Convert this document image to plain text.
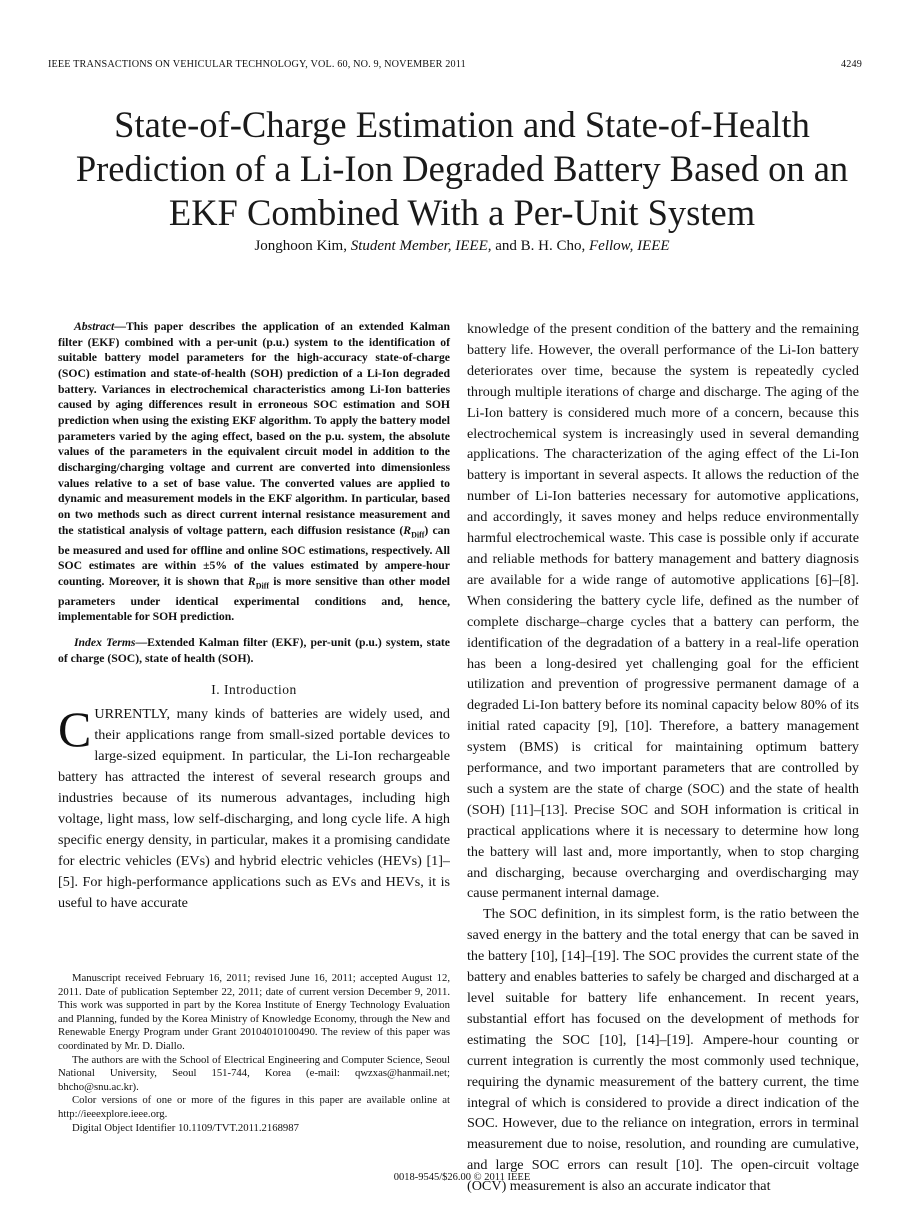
IEEE TRANSACTIONS ON VEHICULAR TECHNOLOGY, VOL. 60, NO. 9, NOVEMBER 2011	4249
State-of-Charge Estimation and State-of-Health
Prediction of a Li-Ion Degraded Battery Based on an
EKF Combined With a Per-Unit System
Jonghoon Kim, Student Member, IEEE, and B. H. Cho, Fellow, IEEE

Abstract—This paper describes the application of an extended Kalman filter (EKF) combined with a per-unit (p.u.) system to the identification of suitable battery model parameters for the high-accuracy state-of-charge (SOC) estimation and state-of-health (SOH) prediction of a Li-Ion degraded battery. Variances in electrochemical characteristics among Li-Ion batteries caused by aging differences result in erroneous SOC estimation and SOH prediction when using the existing EKF algorithm. To apply the battery model parameters varied by the aging effect, based on the p.u. system, the absolute values of the parameters in the equivalent circuit model in addition to the discharging/charging voltage and current are converted into dimensionless values relative to a set of base value. The converted values are applied to dynamic and measurement models in the EKF algorithm. In particular, based on two methods such as direct current internal resistance measurement and the statistical analysis of voltage pattern, each diffusion resistance $(R_{Diff})$ can be measured and used for offline and online SOC estimations, respectively. All SOC estimates are within ±5% of the values estimated by ampere-hour counting. Moreover, it is shown that $R_{Diff}$ is more sensitive than other model parameters under identical experimental conditions and, hence, implementable for SOH prediction.

Index Terms—Extended Kalman filter (EKF), per-unit (p.u.) system, state of charge (SOC), state of health (SOH).

I. Introduction
C URRENTLY, many kinds of batteries are widely used, and their applications range from small-sized portable devices to large-sized equipment. In particular, the Li-Ion rechargeable battery has attracted the interest of several research groups and industries because of its numerous advantages, including high voltage, light mass, low self-discharging, and long cycle life. A high specific energy density, in particular, makes it a promising candidate for electric vehicles (EVs) and hybrid electric vehicles (HEVs) [1]–[5]. For high-performance applications such as EVs and HEVs, it is useful to have accurate

knowledge of the present condition of the battery and the remaining battery life. However, the overall performance of the Li-Ion battery deteriorates over time, because the system is repeatedly cycled through multiple iterations of charge and discharge. The aging of the Li-Ion battery is considered much more of a concern, because this electrochemical system is increasingly used in several demanding applications. The characterization of the aging effect of the Li-Ion battery is important in several aspects. It allows the reduction of the number of Li-Ion batteries necessary for automotive applications, and accordingly, it saves money and helps reduce environmentally harmful electrochemical waste. This case is possible only if accurate and reliable methods for battery management and battery diagnosis are available for a wide range of automotive applications [6]–[8]. When considering the battery cycle life, defined as the number of complete discharge–charge cycles that a battery can perform, the identification of the degradation of a battery in a real-life operation has been a long-desired yet challenging goal for the efficient utilization and prevention of progressive permanent damage of a degraded Li-Ion battery before its nominal capacity below 80% of its initial rated capacity [9], [10]. Therefore, a battery management system (BMS) is critical for maintaining optimum battery performance, and two important parameters that are controlled by such a system are the state of charge (SOC) and the state of health (SOH) [11]–[13]. Precise SOC and SOH information is critical in practical applications where it is necessary to determine how long the battery will last and, more importantly, when to stop charging and discharging, because overcharging and overdischarging may cause permanent internal damage.

The SOC definition, in its simplest form, is the ratio between the saved energy in the battery and the total energy that can be saved in the battery [10], [14]–[19]. The SOC provides the current state of the battery and enables batteries to safely be charged and discharged at a level suitable for battery life enhancement. In recent years, substantial effort has focused on the development of methods for estimating the SOC [10], [14]–[19]. Ampere-hour counting or current integration is currently the most commonly used technique, requiring the dynamic measurement of the battery current, the time integral of which is considered to provide a direct indication of the SOC. However, due to the reliance on integration, errors in terminal measurement due to noise, resolution, and rounding are cumulative, and large SOC errors can result [10]. The open-circuit voltage (OCV) measurement is also an accurate indicator that

Manuscript received February 16, 2011; revised June 16, 2011; accepted August 12, 2011. Date of publication September 22, 2011; date of current version December 9, 2011. This work was supported in part by the Korea Institute of Energy Technology Evaluation and Planning, funded by the Korea Ministry of Knowledge Economy, through the New and Renewable Energy Program under Grant 20104010100490. The review of this paper was coordinated by Mr. D. Diallo.

The authors are with the School of Electrical Engineering and Computer Science, Seoul National University, Seoul 151-744, Korea (e-mail: qwzxas@hanmail.net; bhcho@snu.ac.kr).

Color versions of one or more of the figures in this paper are available online at http://ieeexplore.ieee.org.

Digital Object Identifier 10.1109/TVT.2011.2168987

0018-9545/$26.00 © 2011 IEEE
